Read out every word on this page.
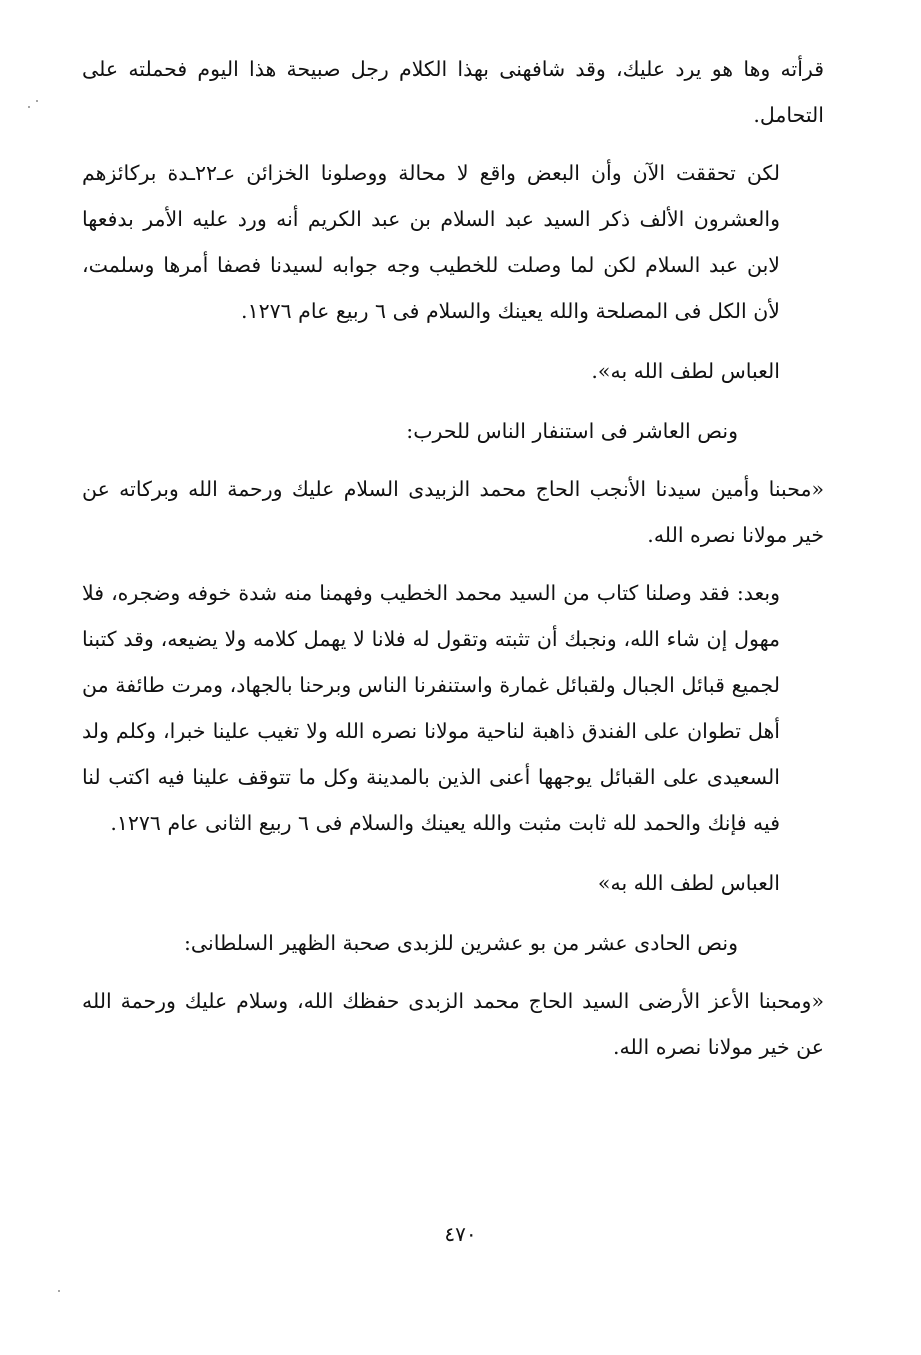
قرأته وها هو يرد عليك، وقد شافهنى بهذا الكلام رجل صبيحة هذا اليوم فحملته على التحامل.

لكن تحققت الآن وأن البعض واقع لا محالة ووصلونا الخزائن عـ٢٢ـدة بركائزهم والعشرون الألف ذكر السيد عبد السلام بن عبد الكريم أنه ورد عليه الأمر بدفعها لابن عبد السلام لكن لما وصلت للخطيب وجه جوابه لسيدنا فصفا أمرها وسلمت، لأن الكل فى المصلحة والله يعينك والسلام فى ٦ ربيع عام ١٢٧٦.

العباس لطف الله به».

ونص العاشر فى استنفار الناس للحرب:

«محبنا وأمين سيدنا الأنجب الحاج محمد الزبيدى السلام عليك ورحمة الله وبركاته عن خير مولانا نصره الله.

وبعد: فقد وصلنا كتاب من السيد محمد الخطيب وفهمنا منه شدة خوفه وضجره، فلا مهول إن شاء الله، ونجبك أن تثبته وتقول له فلانا لا يهمل كلامه ولا يضيعه، وقد كتبنا لجميع قبائل الجبال ولقبائل غمارة واستنفرنا الناس وبرحنا بالجهاد، ومرت طائفة من أهل تطوان على الفندق ذاهبة لناحية مولانا نصره الله ولا تغيب علينا خبرا، وكلم ولد السعيدى على القبائل يوجهها أعنى الذين بالمدينة وكل ما تتوقف علينا فيه اكتب لنا فيه فإنك والحمد لله ثابت مثبت والله يعينك والسلام فى ٦ ربيع الثانى عام ١٢٧٦.

العباس لطف الله به»

ونص الحادى عشر من بو عشرين للزبدى صحبة الظهير السلطانى:

«ومحبنا الأعز الأرضى السيد الحاج محمد الزبدى حفظك الله، وسلام عليك ورحمة الله عن خير مولانا نصره الله.

٤٧٠
